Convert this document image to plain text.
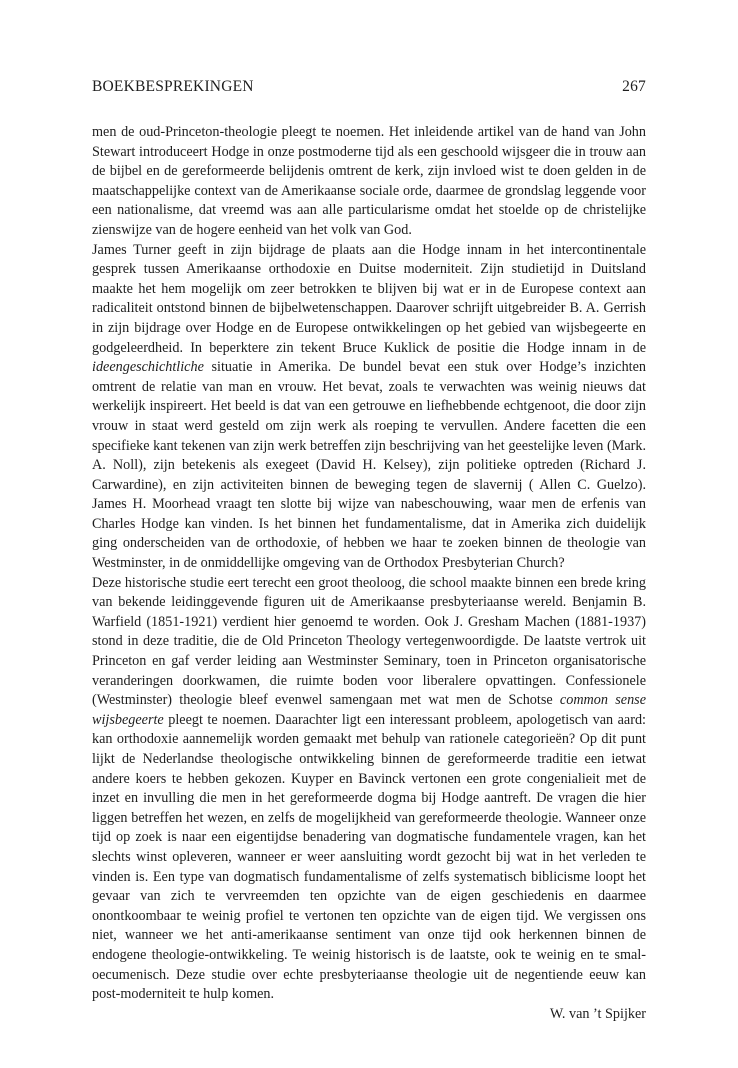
BOEKBESPREKINGEN	267

men de oud-Princeton-theologie pleegt te noemen. Het inleidende artikel van de hand van John Stewart introduceert Hodge in onze postmoderne tijd als een geschoold wijsgeer die in trouw aan de bijbel en de gereformeerde belijdenis omtrent de kerk, zijn invloed wist te doen gelden in de maatschappelijke context van de Amerikaanse sociale orde, daarmee de grondslag leggende voor een nationalisme, dat vreemd was aan alle particularisme omdat het stoelde op de christelijke zienswijze van de hogere eenheid van het volk van God.

James Turner geeft in zijn bijdrage de plaats aan die Hodge innam in het intercontinentale gesprek tussen Amerikaanse orthodoxie en Duitse moderniteit. Zijn studietijd in Duitsland maakte het hem mogelijk om zeer betrokken te blijven bij wat er in de Europese context aan radicaliteit ontstond binnen de bijbelwetenschappen. Daarover schrijft uitgebreider B. A. Gerrish in zijn bijdrage over Hodge en de Europese ontwikkelingen op het gebied van wijsbegeerte en godgeleerdheid. In beperktere zin tekent Bruce Kuklick de positie die Hodge innam in de ideengeschichtliche situatie in Amerika. De bundel bevat een stuk over Hodge’s inzichten omtrent de relatie van man en vrouw. Het bevat, zoals te verwachten was weinig nieuws dat werkelijk inspireert. Het beeld is dat van een getrouwe en liefhebbende echtgenoot, die door zijn vrouw in staat werd gesteld om zijn werk als roeping te vervullen. Andere facetten die een specifieke kant tekenen van zijn werk betreffen zijn beschrijving van het geestelijke leven (Mark. A. Noll), zijn betekenis als exegeet (David H. Kelsey), zijn politieke optreden (Richard J. Carwardine), en zijn activiteiten binnen de beweging tegen de slavernij ( Allen C. Guelzo). James H. Moorhead vraagt ten slotte bij wijze van nabeschouwing, waar men de erfenis van Charles Hodge kan vinden. Is het binnen het fundamentalisme, dat in Amerika zich duidelijk ging onderscheiden van de orthodoxie, of hebben we haar te zoeken binnen de theologie van Westminster, in de onmiddellijke omgeving van de Orthodox Presbyterian Church?

Deze historische studie eert terecht een groot theoloog, die school maakte binnen een brede kring van bekende leidinggevende figuren uit de Amerikaanse presbyteriaanse wereld. Benjamin B. Warfield (1851-1921) verdient hier genoemd te worden. Ook J. Gresham Machen (1881-1937) stond in deze traditie, die de Old Princeton Theology vertegenwoordigde. De laatste vertrok uit Princeton en gaf verder leiding aan Westminster Seminary, toen in Princeton organisatorische veranderingen doorkwamen, die ruimte boden voor liberalere opvattingen. Confessionele (Westminster) theologie bleef evenwel samengaan met wat men de Schotse common sense wijsbegeerte pleegt te noemen. Daarachter ligt een interessant probleem, apologetisch van aard: kan orthodoxie aannemelijk worden gemaakt met behulp van rationele categorieën? Op dit punt lijkt de Nederlandse theologische ontwikkeling binnen de gereformeerde traditie een ietwat andere koers te hebben gekozen. Kuyper en Bavinck vertonen een grote congenialieit met de inzet en invulling die men in het gereformeerde dogma bij Hodge aantreft. De vragen die hier liggen betreffen het wezen, en zelfs de mogelijkheid van gereformeerde theologie. Wanneer onze tijd op zoek is naar een eigentijdse benadering van dogmatische fundamentele vragen, kan het slechts winst opleveren, wanneer er weer aansluiting wordt gezocht bij wat in het verleden te vinden is. Een type van dogmatisch fundamentalisme of zelfs systematisch biblicisme loopt het gevaar van zich te vervreemden ten opzichte van de eigen geschiedenis en daarmee onontkoombaar te weinig profiel te vertonen ten opzichte van de eigen tijd. We vergissen ons niet, wanneer we het anti-amerikaanse sentiment van onze tijd ook herkennen binnen de endogene theologie-ontwikkeling. Te weinig historisch is de laatste, ook te weinig en te smal-oecumenisch. Deze studie over echte presbyteriaanse theologie uit de negentiende eeuw kan post-moderniteit te hulp komen.

W. van ’t Spijker
